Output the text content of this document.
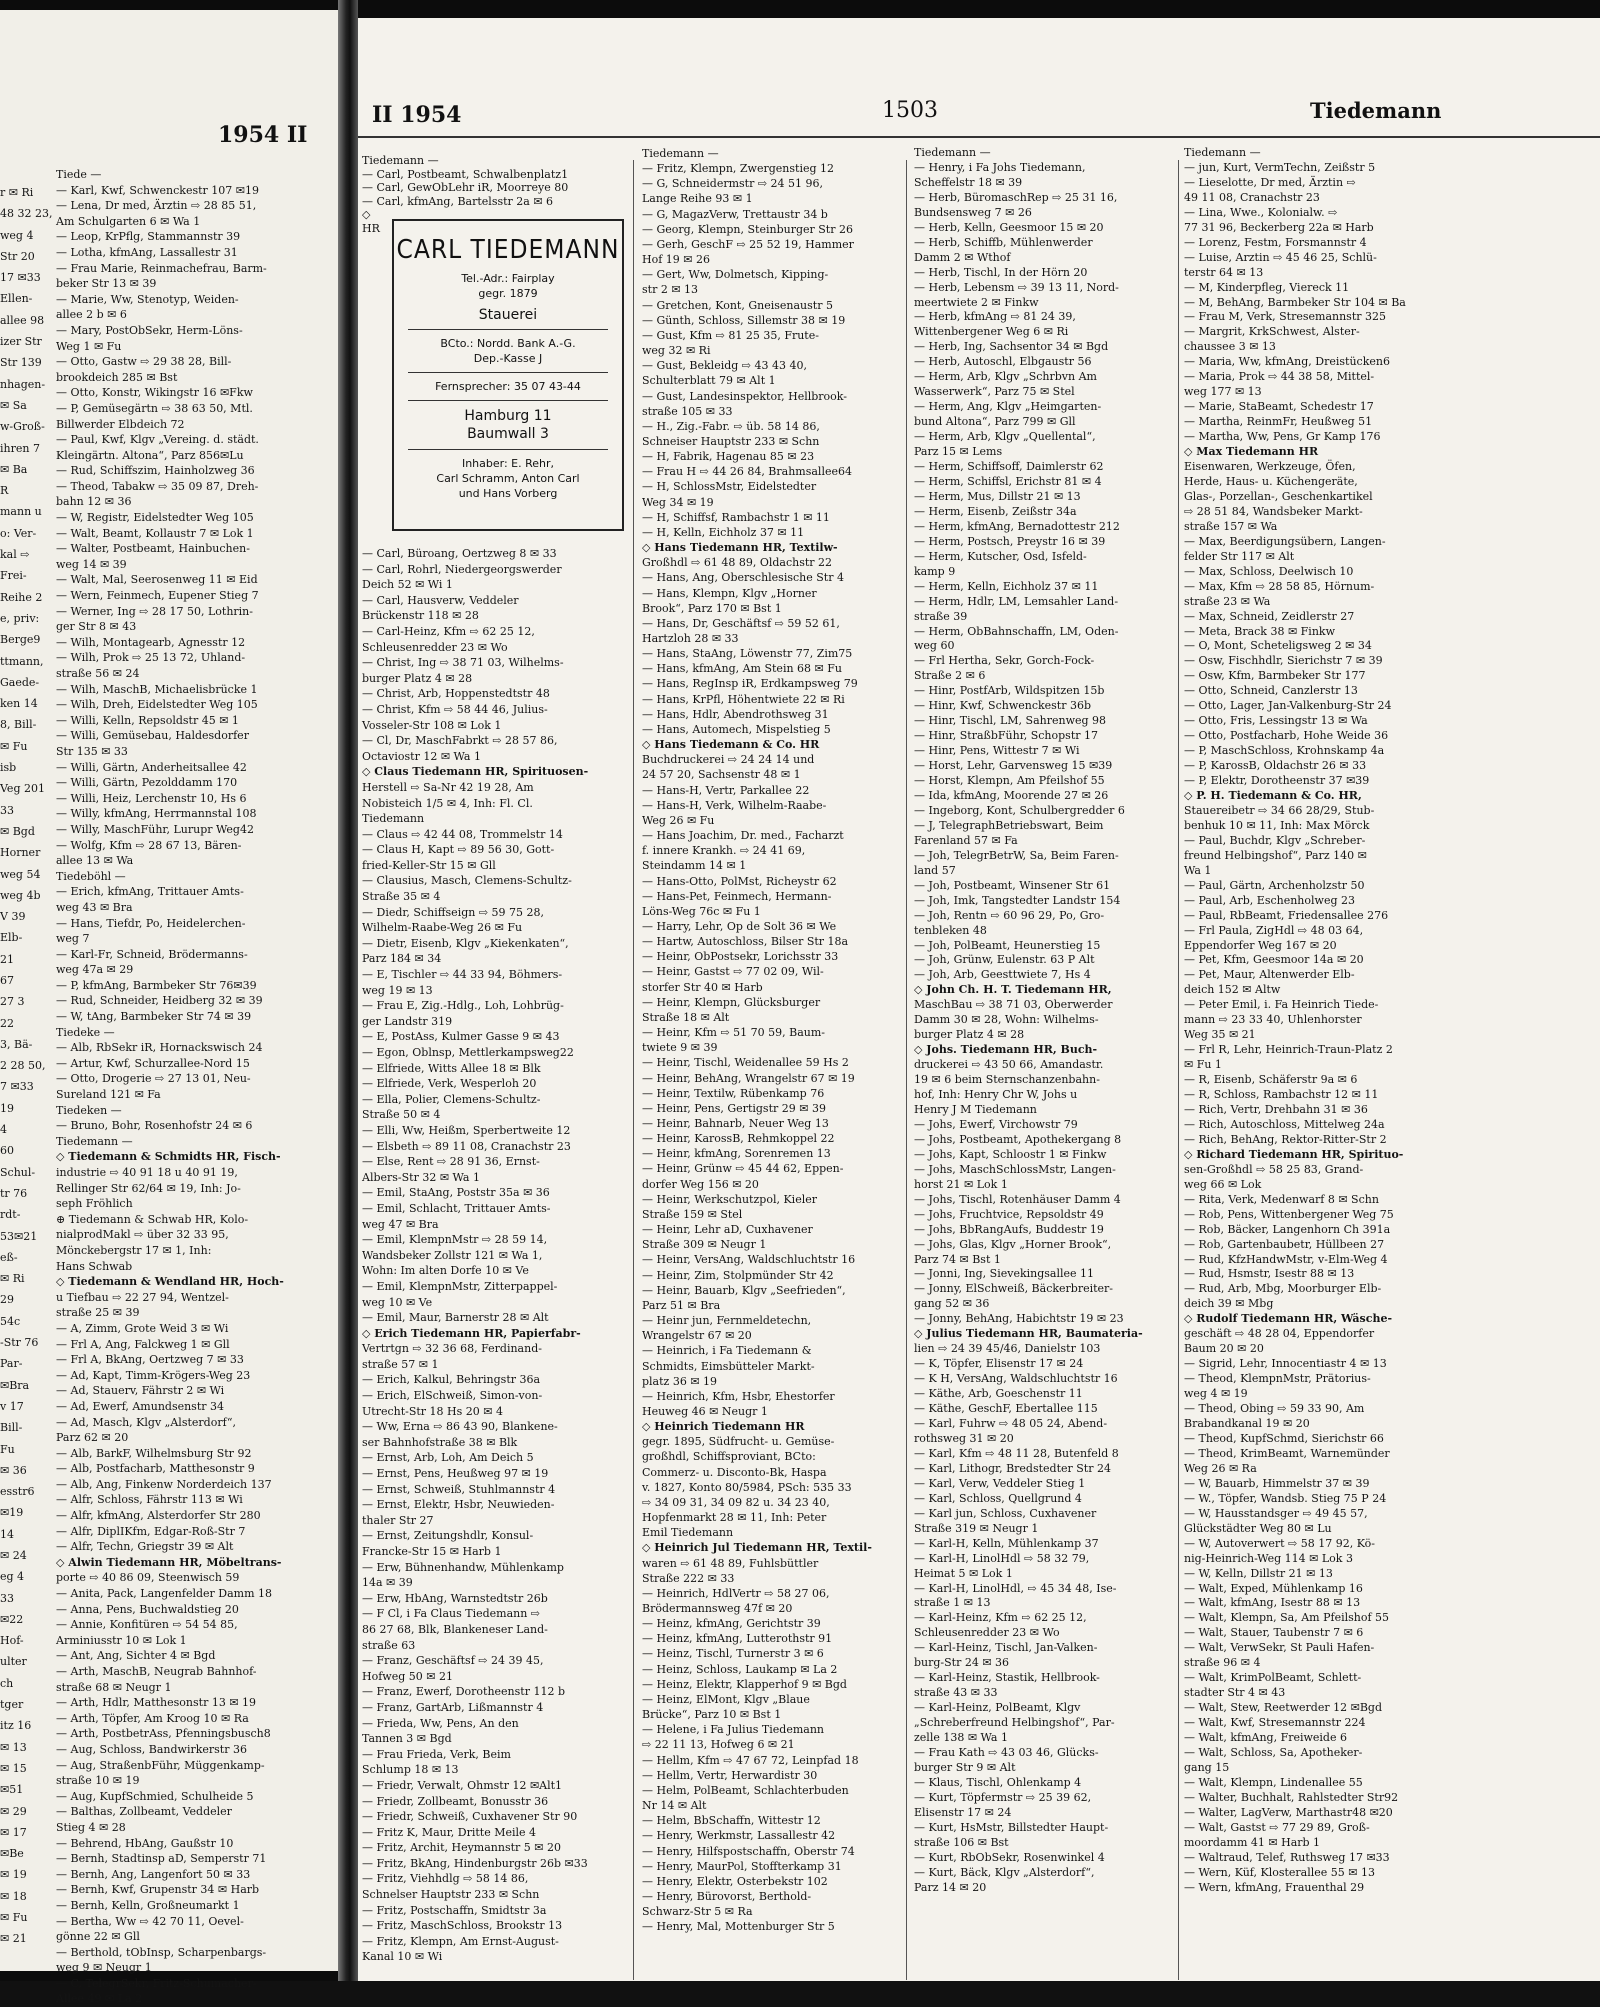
1954 II
r ✉ Ri
48 32 23,
weg 4
Str 20
17 ✉33
Ellen-
allee 98
izer Str
Str 139
nhagen-
✉ Sa
w-Groß-
ihren 7
✉ Ba
R
mann u
o: Ver-
kal ⇨
Frei-
Reihe 2
e, priv:
Berge9
ttmann,
Gaede-
ken 14
8, Bill-
✉ Fu
isb
Veg 201
33
✉ Bgd
Horner
weg 54
weg 4b
V 39
Elb-
21
67
27 3
22
3, Bä-
2 28 50,
7 ✉33
19
4
60
Schul-
tr 76
rdt-
53✉21
eß-
✉ Ri
29
54c
-Str 76
Par-
✉Bra
v 17
Bill-
Fu
✉ 36
esstr6
✉19
14
✉ 24
eg 4
33
✉22
Hof-
ulter
ch
tger
itz 16
✉ 13
✉ 15
✉51
✉ 29
✉ 17
✉Be
✉ 19
✉ 18
✉ Fu
✉ 21
Tiede —
— Karl, Kwf, Schwenckestr 107 ✉19
— Lena, Dr med, Ärztin ⇨ 28 85 51,
Am Schulgarten 6 ✉ Wa 1
— Leop, KrPflg, Stammannstr 39
— Lotha, kfmAng, Lassallestr 31
— Frau Marie, Reinmachefrau, Barm-
beker Str 13 ✉ 39
— Marie, Ww, Stenotyp, Weiden-
allee 2 b ✉ 6
— Mary, PostObSekr, Herm-Löns-
Weg 1 ✉ Fu
— Otto, Gastw ⇨ 29 38 28, Bill-
brookdeich 285 ✉ Bst
— Otto, Konstr, Wikingstr 16 ✉Fkw
— P, Gemüsegärtn ⇨ 38 63 50, Mtl.
Billwerder Elbdeich 72
— Paul, Kwf, Klgv „Vereing. d. städt.
Kleingärtn. Altona“, Parz 856✉Lu
— Rud, Schiffszim, Hainholzweg 36
— Theod, Tabakw ⇨ 35 09 87, Dreh-
bahn 12 ✉ 36
— W, Registr, Eidelstedter Weg 105
— Walt, Beamt, Kollaustr 7 ✉ Lok 1
— Walter, Postbeamt, Hainbuchen-
weg 14 ✉ 39
— Walt, Mal, Seerosenweg 11 ✉ Eid
— Wern, Feinmech, Eupener Stieg 7
— Werner, Ing ⇨ 28 17 50, Lothrin-
ger Str 8 ✉ 43
— Wilh, Montagearb, Agnesstr 12
— Wilh, Prok ⇨ 25 13 72, Uhland-
straße 56 ✉ 24
— Wilh, MaschB, Michaelisbrücke 1
— Wilh, Dreh, Eidelstedter Weg 105
— Willi, Kelln, Repsoldstr 45 ✉ 1
— Willi, Gemüsebau, Haldesdorfer
Str 135 ✉ 33
— Willi, Gärtn, Anderheitsallee 42
— Willi, Gärtn, Pezolddamm 170
— Willi, Heiz, Lerchenstr 10, Hs 6
— Willy, kfmAng, Herrmannstal 108
— Willy, MaschFühr, Lurupr Weg42
— Wolfg, Kfm ⇨ 28 67 13, Bären-
allee 13 ✉ Wa
Tiedeböhl —
— Erich, kfmAng, Trittauer Amts-
weg 43 ✉ Bra
— Hans, Tiefdr, Po, Heidelerchen-
weg 7
— Karl-Fr, Schneid, Brödermanns-
weg 47a ✉ 29
— P, kfmAng, Barmbeker Str 76✉39
— Rud, Schneider, Heidberg 32 ✉ 39
— W, tAng, Barmbeker Str 74 ✉ 39
Tiedeke —
— Alb, RbSekr iR, Hornackswisch 24
— Artur, Kwf, Schurzallee-Nord 15
— Otto, Drogerie ⇨ 27 13 01, Neu-
Sureland 121 ✉ Fa
Tiedeken —
— Bruno, Bohr, Rosenhofstr 24 ✉ 6
Tiedemann —
◇ Tiedemann & Schmidts HR, Fisch-
industrie ⇨ 40 91 18 u 40 91 19,
Rellinger Str 62/64 ✉ 19, Inh: Jo-
seph Fröhlich
⊕ Tiedemann & Schwab HR, Kolo-
nialprodMakl ⇨ über 32 33 95,
Mönckebergstr 17 ✉ 1, Inh:
Hans Schwab
◇ Tiedemann & Wendland HR, Hoch-
u Tiefbau ⇨ 22 27 94, Wentzel-
straße 25 ✉ 39
— A, Zimm, Grote Weid 3 ✉ Wi
— Frl A, Ang, Falckweg 1 ✉ Gll
— Frl A, BkAng, Oertzweg 7 ✉ 33
— Ad, Kapt, Timm-Krögers-Weg 23
— Ad, Stauerv, Fährstr 2 ✉ Wi
— Ad, Ewerf, Amundsenstr 34
— Ad, Masch, Klgv „Alsterdorf“,
Parz 62 ✉ 20
— Alb, BarkF, Wilhelmsburg Str 92
— Alb, Postfacharb, Matthesonstr 9
— Alb, Ang, Finkenw Norderdeich 137
— Alfr, Schloss, Fährstr 113 ✉ Wi
— Alfr, kfmAng, Alsterdorfer Str 280
— Alfr, DiplIKfm, Edgar-Roß-Str 7
— Alfr, Techn, Griegstr 39 ✉ Alt
◇ Alwin Tiedemann HR, Möbeltrans-
porte ⇨ 40 86 09, Steenwisch 59
— Anita, Pack, Langenfelder Damm 18
— Anna, Pens, Buchwaldstieg 20
— Annie, Konfitüren ⇨ 54 54 85,
Arminiusstr 10 ✉ Lok 1
— Ant, Ang, Sichter 4 ✉ Bgd
— Arth, MaschB, Neugrab Bahnhof-
straße 68 ✉ Neugr 1
— Arth, Hdlr, Matthesonstr 13 ✉ 19
— Arth, Töpfer, Am Kroog 10 ✉ Ra
— Arth, PostbetrAss, Pfenningsbusch8
— Aug, Schloss, Bandwirkerstr 36
— Aug, StraßenbFühr, Müggenkamp-
straße 10 ✉ 19
— Aug, KupfSchmied, Schulheide 5
— Balthas, Zollbeamt, Veddeler
Stieg 4 ✉ 28
— Behrend, HbAng, Gaußstr 10
— Bernh, Stadtinsp aD, Semperstr 71
— Bernh, Ang, Langenfort 50 ✉ 33
— Bernh, Kwf, Grupenstr 34 ✉ Harb
— Bernh, Kelln, Großneumarkt 1
— Bertha, Ww ⇨ 42 70 11, Oevel-
gönne 22 ✉ Gll
— Berthold, tObInsp, Scharpenbargs-
weg 9 ✉ Neugr 1
— C, TelegrSekr, Fritz-Schumacher-
Allee 49 ✉ La 2
II 1954	1503	Tiedemann
Tiedemann —
— Carl, Postbeamt, Schwalbenplatz1
— Carl, GewObLehr iR, Moorreye 80
— Carl, kfmAng, Bartelsstr 2a ✉ 6
◇
HR
CARL TIEDEMANN
Tel.-Adr.: Fairplay
gegr. 1879
Stauerei
BCto.: Nordd. Bank A.-G.
Dep.-Kasse J
Fernsprecher: 35 07 43-44
Hamburg 11
Baumwall 3
Inhaber: E. Rehr,
Carl Schramm, Anton Carl
und Hans Vorberg
— Carl, Büroang, Oertzweg 8 ✉ 33
— Carl, Rohrl, Niedergeorgswerder
Deich 52 ✉ Wi 1
— Carl, Hausverw, Veddeler
Brückenstr 118 ✉ 28
— Carl-Heinz, Kfm ⇨ 62 25 12,
Schleusenredder 23 ✉ Wo
— Christ, Ing ⇨ 38 71 03, Wilhelms-
burger Platz 4 ✉ 28
— Christ, Arb, Hoppenstedtstr 48
— Christ, Kfm ⇨ 58 44 46, Julius-
Vosseler-Str 108 ✉ Lok 1
— Cl, Dr, MaschFabrkt ⇨ 28 57 86,
Octaviostr 12 ✉ Wa 1
◇ Claus Tiedemann HR, Spirituosen-
Herstell ⇨ Sa-Nr 42 19 28, Am
Nobisteich 1/5 ✉ 4, Inh: Fl. Cl.
Tiedemann
— Claus ⇨ 42 44 08, Trommelstr 14
— Claus H, Kapt ⇨ 89 56 30, Gott-
fried-Keller-Str 15 ✉ Gll
— Clausius, Masch, Clemens-Schultz-
Straße 35 ✉ 4
— Diedr, Schiffseign ⇨ 59 75 28,
Wilhelm-Raabe-Weg 26 ✉ Fu
— Dietr, Eisenb, Klgv „Kiekenkaten“,
Parz 184 ✉ 34
— E, Tischler ⇨ 44 33 94, Böhmers-
weg 19 ✉ 13
— Frau E, Zig.-Hdlg., Loh, Lohbrüg-
ger Landstr 319
— E, PostAss, Kulmer Gasse 9 ✉ 43
— Egon, Oblnsp, Mettlerkampsweg22
— Elfriede, Witts Allee 18 ✉ Blk
— Elfriede, Verk, Wesperloh 20
— Ella, Polier, Clemens-Schultz-
Straße 50 ✉ 4
— Elli, Ww, Heißm, Sperbertweite 12
— Elsbeth ⇨ 89 11 08, Cranachstr 23
— Else, Rent ⇨ 28 91 36, Ernst-
Albers-Str 32 ✉ Wa 1
— Emil, StaAng, Poststr 35a ✉ 36
— Emil, Schlacht, Trittauer Amts-
weg 47 ✉ Bra
— Emil, KlempnMstr ⇨ 28 59 14,
Wandsbeker Zollstr 121 ✉ Wa 1,
Wohn: Im alten Dorfe 10 ✉ Ve
— Emil, KlempnMstr, Zitterpappel-
weg 10 ✉ Ve
— Emil, Maur, Barnerstr 28 ✉ Alt
◇ Erich Tiedemann HR, Papierfabr-
Vertrtgn ⇨ 32 36 68, Ferdinand-
straße 57 ✉ 1
— Erich, Kalkul, Behringstr 36a
— Erich, ElSchweiß, Simon-von-
Utrecht-Str 18 Hs 20 ✉ 4
— Ww, Erna ⇨ 86 43 90, Blankene-
ser Bahnhofstraße 38 ✉ Blk
— Ernst, Arb, Loh, Am Deich 5
— Ernst, Pens, Heußweg 97 ✉ 19
— Ernst, Schweiß, Stuhlmannstr 4
— Ernst, Elektr, Hsbr, Neuwieden-
thaler Str 27
— Ernst, Zeitungshdlr, Konsul-
Francke-Str 15 ✉ Harb 1
— Erw, Bühnenhandw, Mühlenkamp
14a ✉ 39
— Erw, HbAng, Warnstedtstr 26b
— F Cl, i Fa Claus Tiedemann ⇨
86 27 68, Blk, Blankeneser Land-
straße 63
— Franz, Geschäftsf ⇨ 24 39 45,
Hofweg 50 ✉ 21
— Franz, Ewerf, Dorotheenstr 112 b
— Franz, GartArb, Lißmannstr 4
— Frieda, Ww, Pens, An den
Tannen 3 ✉ Bgd
— Frau Frieda, Verk, Beim
Schlump 18 ✉ 13
— Friedr, Verwalt, Ohmstr 12 ✉Alt1
— Friedr, Zollbeamt, Bonusstr 36
— Friedr, Schweiß, Cuxhavener Str 90
— Fritz K, Maur, Dritte Meile 4
— Fritz, Archit, Heymannstr 5 ✉ 20
— Fritz, BkAng, Hindenburgstr 26b ✉33
— Fritz, Viehhdlg ⇨ 58 14 86,
Schnelser Hauptstr 233 ✉ Schn
— Fritz, Postschaffn, Smidtstr 3a
— Fritz, MaschSchloss, Brookstr 13
— Fritz, Klempn, Am Ernst-August-
Kanal 10 ✉ Wi
Tiedemann —
— Fritz, Klempn, Zwergenstieg 12
— G, Schneidermstr ⇨ 24 51 96,
Lange Reihe 93 ✉ 1
— G, MagazVerw, Trettaustr 34 b
— Georg, Klempn, Steinburger Str 26
— Gerh, GeschF ⇨ 25 52 19, Hammer
Hof 19 ✉ 26
— Gert, Ww, Dolmetsch, Kipping-
str 2 ✉ 13
— Gretchen, Kont, Gneisenaustr 5
— Günth, Schloss, Sillemstr 38 ✉ 19
— Gust, Kfm ⇨ 81 25 35, Frute-
weg 32 ✉ Ri
— Gust, Bekleidg ⇨ 43 43 40,
Schulterblatt 79 ✉ Alt 1
— Gust, Landesinspektor, Hellbrook-
straße 105 ✉ 33
— H., Zig.-Fabr. ⇨ üb. 58 14 86,
Schneiser Hauptstr 233 ✉ Schn
— H, Fabrik, Hagenau 85 ✉ 23
— Frau H ⇨ 44 26 84, Brahmsallee64
— H, SchlossMstr, Eidelstedter
Weg 34 ✉ 19
— H, Schiffsf, Rambachstr 1 ✉ 11
— H, Kelln, Eichholz 37 ✉ 11
◇ Hans Tiedemann HR, Textilw-
Großhdl ⇨ 61 48 89, Oldachstr 22
— Hans, Ang, Oberschlesische Str 4
— Hans, Klempn, Klgv „Horner
Brook“, Parz 170 ✉ Bst 1
— Hans, Dr, Geschäftsf ⇨ 59 52 61,
Hartzloh 28 ✉ 33
— Hans, StaAng, Löwenstr 77, Zim75
— Hans, kfmAng, Am Stein 68 ✉ Fu
— Hans, RegInsp iR, Erdkampsweg 79
— Hans, KrPfl, Höhentwiete 22 ✉ Ri
— Hans, Hdlr, Abendrothsweg 31
— Hans, Automech, Mispelstieg 5
◇ Hans Tiedemann & Co. HR
Buchdruckerei ⇨ 24 24 14 und
24 57 20, Sachsenstr 48 ✉ 1
— Hans-H, Vertr, Parkallee 22
— Hans-H, Verk, Wilhelm-Raabe-
Weg 26 ✉ Fu
— Hans Joachim, Dr. med., Facharzt
f. innere Krankh. ⇨ 24 41 69,
Steindamm 14 ✉ 1
— Hans-Otto, PolMst, Richeystr 62
— Hans-Pet, Feinmech, Hermann-
Löns-Weg 76c ✉ Fu 1
— Harry, Lehr, Op de Solt 36 ✉ We
— Hartw, Autoschloss, Bilser Str 18a
— Heinr, ObPostsekr, Lorichsstr 33
— Heinr, Gastst ⇨ 77 02 09, Wil-
storfer Str 40 ✉ Harb
— Heinr, Klempn, Glücksburger
Straße 18 ✉ Alt
— Heinr, Kfm ⇨ 51 70 59, Baum-
twiete 9 ✉ 39
— Heinr, Tischl, Weidenallee 59 Hs 2
— Heinr, BehAng, Wrangelstr 67 ✉ 19
— Heinr, Textilw, Rübenkamp 76
— Heinr, Pens, Gertigstr 29 ✉ 39
— Heinr, Bahnarb, Neuer Weg 13
— Heinr, KarossB, Rehmkoppel 22
— Heinr, kfmAng, Sorenremen 13
— Heinr, Grünw ⇨ 45 44 62, Eppen-
dorfer Weg 156 ✉ 20
— Heinr, Werkschutzpol, Kieler
Straße 159 ✉ Stel
— Heinr, Lehr aD, Cuxhavener
Straße 309 ✉ Neugr 1
— Heinr, VersAng, Waldschluchtstr 16
— Heinr, Zim, Stolpmünder Str 42
— Heinr, Bauarb, Klgv „Seefrieden“,
Parz 51 ✉ Bra
— Heinr jun, Fernmeldetechn,
Wrangelstr 67 ✉ 20
— Heinrich, i Fa Tiedemann &
Schmidts, Eimsbütteler Markt-
platz 36 ✉ 19
— Heinrich, Kfm, Hsbr, Ehestorfer
Heuweg 46 ✉ Neugr 1
◇ Heinrich Tiedemann HR
gegr. 1895, Südfrucht- u. Gemüse-
großhdl, Schiffsproviant, BCto:
Commerz- u. Disconto-Bk, Haspa
v. 1827, Konto 80/5984, PSch: 535 33
⇨ 34 09 31, 34 09 82 u. 34 23 40,
Hopfenmarkt 28 ✉ 11, Inh: Peter
Emil Tiedemann
◇ Heinrich Jul Tiedemann HR, Textil-
waren ⇨ 61 48 89, Fuhlsbüttler
Straße 222 ✉ 33
— Heinrich, HdlVertr ⇨ 58 27 06,
Brödermannsweg 47f ✉ 20
— Heinz, kfmAng, Gerichtstr 39
— Heinz, kfmAng, Lutterothstr 91
— Heinz, Tischl, Turnerstr 3 ✉ 6
— Heinz, Schloss, Laukamp ✉ La 2
— Heinz, Elektr, Klapperhof 9 ✉ Bgd
— Heinz, ElMont, Klgv „Blaue
Brücke“, Parz 10 ✉ Bst 1
— Helene, i Fa Julius Tiedemann
⇨ 22 11 13, Hofweg 6 ✉ 21
— Hellm, Kfm ⇨ 47 67 72, Leinpfad 18
— Hellm, Vertr, Herwardistr 30
— Helm, PolBeamt, Schlachterbuden
Nr 14 ✉ Alt
— Helm, BbSchaffn, Wittestr 12
— Henry, Werkmstr, Lassallestr 42
— Henry, Hilfspostschaffn, Oberstr 74
— Henry, MaurPol, Stoffterkamp 31
— Henry, Elektr, Osterbekstr 102
— Henry, Bürovorst, Berthold-
Schwarz-Str 5 ✉ Ra
— Henry, Mal, Mottenburger Str 5
Tiedemann —
— Henry, i Fa Johs Tiedemann,
Scheffelstr 18 ✉ 39
— Herb, BüromaschRep ⇨ 25 31 16,
Bundsensweg 7 ✉ 26
— Herb, Kelln, Geesmoor 15 ✉ 20
— Herb, Schiffb, Mühlenwerder
Damm 2 ✉ Wthof
— Herb, Tischl, In der Hörn 20
— Herb, Lebensm ⇨ 39 13 11, Nord-
meertwiete 2 ✉ Finkw
— Herb, kfmAng ⇨ 81 24 39,
Wittenbergener Weg 6 ✉ Ri
— Herb, Ing, Sachsentor 34 ✉ Bgd
— Herb, Autoschl, Elbgaustr 56
— Herm, Arb, Klgv „Schrbvn Am
Wasserwerk“, Parz 75 ✉ Stel
— Herm, Ang, Klgv „Heimgarten-
bund Altona“, Parz 799 ✉ Gll
— Herm, Arb, Klgv „Quellental“,
Parz 15 ✉ Lems
— Herm, Schiffsoff, Daimlerstr 62
— Herm, Schiffsl, Erichstr 81 ✉ 4
— Herm, Mus, Dillstr 21 ✉ 13
— Herm, Eisenb, Zeißstr 34a
— Herm, kfmAng, Bernadottestr 212
— Herm, Postsch, Preystr 16 ✉ 39
— Herm, Kutscher, Osd, Isfeld-
kamp 9
— Herm, Kelln, Eichholz 37 ✉ 11
— Herm, Hdlr, LM, Lemsahler Land-
straße 39
— Herm, ObBahnschaffn, LM, Oden-
weg 60
— Frl Hertha, Sekr, Gorch-Fock-
Straße 2 ✉ 6
— Hinr, PostfArb, Wildspitzen 15b
— Hinr, Kwf, Schwenckestr 36b
— Hinr, Tischl, LM, Sahrenweg 98
— Hinr, StraßbFühr, Schopstr 17
— Hinr, Pens, Wittestr 7 ✉ Wi
— Horst, Lehr, Garvensweg 15 ✉39
— Horst, Klempn, Am Pfeilshof 55
— Ida, kfmAng, Moorende 27 ✉ 26
— Ingeborg, Kont, Schulbergredder 6
— J, TelegraphBetriebswart, Beim
Farenland 57 ✉ Fa
— Joh, TelegrBetrW, Sa, Beim Faren-
land 57
— Joh, Postbeamt, Winsener Str 61
— Joh, Imk, Tangstedter Landstr 154
— Joh, Rentn ⇨ 60 96 29, Po, Gro-
tenbleken 48
— Joh, PolBeamt, Heunerstieg 15
— Joh, Grünw, Eulenstr. 63 P Alt
— Joh, Arb, Geesttwiete 7, Hs 4
◇ John Ch. H. T. Tiedemann HR,
MaschBau ⇨ 38 71 03, Oberwerder
Damm 30 ✉ 28, Wohn: Wilhelms-
burger Platz 4 ✉ 28
◇ Johs. Tiedemann HR, Buch-
druckerei ⇨ 43 50 66, Amandastr.
19 ✉ 6 beim Sternschanzenbahn-
hof, Inh: Henry Chr W, Johs u
Henry J M Tiedemann
— Johs, Ewerf, Virchowstr 79
— Johs, Postbeamt, Apothekergang 8
— Johs, Kapt, Schloostr 1 ✉ Finkw
— Johs, MaschSchlossMstr, Langen-
horst 21 ✉ Lok 1
— Johs, Tischl, Rotenhäuser Damm 4
— Johs, Fruchtvice, Repsoldstr 49
— Johs, BbRangAufs, Buddestr 19
— Johs, Glas, Klgv „Horner Brook“,
Parz 74 ✉ Bst 1
— Jonni, Ing, Sievekingsallee 11
— Jonny, ElSchweiß, Bäckerbreiter-
gang 52 ✉ 36
— Jonny, BehAng, Habichtstr 19 ✉ 23
◇ Julius Tiedemann HR, Baumateria-
lien ⇨ 24 39 45/46, Danielstr 103
— K, Töpfer, Elisenstr 17 ✉ 24
— K H, VersAng, Waldschluchtstr 16
— Käthe, Arb, Goeschenstr 11
— Käthe, GeschF, Ebertallee 115
— Karl, Fuhrw ⇨ 48 05 24, Abend-
rothsweg 31 ✉ 20
— Karl, Kfm ⇨ 48 11 28, Butenfeld 8
— Karl, Lithogr, Bredstedter Str 24
— Karl, Verw, Veddeler Stieg 1
— Karl, Schloss, Quellgrund 4
— Karl jun, Schloss, Cuxhavener
Straße 319 ✉ Neugr 1
— Karl-H, Kelln, Mühlenkamp 37
— Karl-H, LinolHdl ⇨ 58 32 79,
Heimat 5 ✉ Lok 1
— Karl-H, LinolHdl, ⇨ 45 34 48, Ise-
straße 1 ✉ 13
— Karl-Heinz, Kfm ⇨ 62 25 12,
Schleusenredder 23 ✉ Wo
— Karl-Heinz, Tischl, Jan-Valken-
burg-Str 24 ✉ 36
— Karl-Heinz, Stastik, Hellbrook-
straße 43 ✉ 33
— Karl-Heinz, PolBeamt, Klgv
„Schreberfreund Helbingshof“, Par-
zelle 138 ✉ Wa 1
— Frau Kath ⇨ 43 03 46, Glücks-
burger Str 9 ✉ Alt
— Klaus, Tischl, Ohlenkamp 4
— Kurt, Töpfermstr ⇨ 25 39 62,
Elisenstr 17 ✉ 24
— Kurt, HsMstr, Billstedter Haupt-
straße 106 ✉ Bst
— Kurt, RbObSekr, Rosenwinkel 4
— Kurt, Bäck, Klgv „Alsterdorf“,
Parz 14 ✉ 20
Tiedemann —
— jun, Kurt, VermTechn, Zeißstr 5
— Lieselotte, Dr med, Ärztin ⇨
49 11 08, Cranachstr 23
— Lina, Wwe., Kolonialw. ⇨
77 31 96, Beckerberg 22a ✉ Harb
— Lorenz, Festm, Forsmannstr 4
— Luise, Arztin ⇨ 45 46 25, Schlü-
terstr 64 ✉ 13
— M, Kinderpfleg, Viereck 11
— M, BehAng, Barmbeker Str 104 ✉ Ba
— Frau M, Verk, Stresemannstr 325
— Margrit, KrkSchwest, Alster-
chaussee 3 ✉ 13
— Maria, Ww, kfmAng, Dreistücken6
— Maria, Prok ⇨ 44 38 58, Mittel-
weg 177 ✉ 13
— Marie, StaBeamt, Schedestr 17
— Martha, ReinmFr, Heußweg 51
— Martha, Ww, Pens, Gr Kamp 176
◇ Max Tiedemann HR
Eisenwaren, Werkzeuge, Öfen,
Herde, Haus- u. Küchengeräte,
Glas-, Porzellan-, Geschenkartikel
⇨ 28 51 84, Wandsbeker Markt-
straße 157 ✉ Wa
— Max, Beerdigungsübern, Langen-
felder Str 117 ✉ Alt
— Max, Schloss, Deelwisch 10
— Max, Kfm ⇨ 28 58 85, Hörnum-
straße 23 ✉ Wa
— Max, Schneid, Zeidlerstr 27
— Meta, Brack 38 ✉ Finkw
— O, Mont, Scheteligsweg 2 ✉ 34
— Osw, Fischhdlr, Sierichstr 7 ✉ 39
— Osw, Kfm, Barmbeker Str 177
— Otto, Schneid, Canzlerstr 13
— Otto, Lager, Jan-Valkenburg-Str 24
— Otto, Fris, Lessingstr 13 ✉ Wa
— Otto, Postfacharb, Hohe Weide 36
— P, MaschSchloss, Krohnskamp 4a
— P, KarossB, Oldachstr 26 ✉ 33
— P, Elektr, Dorotheenstr 37 ✉39
◇ P. H. Tiedemann & Co. HR,
Stauereibetr ⇨ 34 66 28/29, Stub-
benhuk 10 ✉ 11, Inh: Max Mörck
— Paul, Buchdr, Klgv „Schreber-
freund Helbingshof“, Parz 140 ✉
Wa 1
— Paul, Gärtn, Archenholzstr 50
— Paul, Arb, Eschenholweg 23
— Paul, RbBeamt, Friedensallee 276
— Frl Paula, ZigHdl ⇨ 48 03 64,
Eppendorfer Weg 167 ✉ 20
— Pet, Kfm, Geesmoor 14a ✉ 20
— Pet, Maur, Altenwerder Elb-
deich 152 ✉ Altw
— Peter Emil, i. Fa Heinrich Tiede-
mann ⇨ 23 33 40, Uhlenhorster
Weg 35 ✉ 21
— Frl R, Lehr, Heinrich-Traun-Platz 2
✉ Fu 1
— R, Eisenb, Schäferstr 9a ✉ 6
— R, Schloss, Rambachstr 12 ✉ 11
— Rich, Vertr, Drehbahn 31 ✉ 36
— Rich, Autoschloss, Mittelweg 24a
— Rich, BehAng, Rektor-Ritter-Str 2
◇ Richard Tiedemann HR, Spirituo-
sen-Großhdl ⇨ 58 25 83, Grand-
weg 66 ✉ Lok
— Rita, Verk, Medenwarf 8 ✉ Schn
— Rob, Pens, Wittenbergener Weg 75
— Rob, Bäcker, Langenhorn Ch 391a
— Rob, Gartenbaubetr, Hüllbeen 27
— Rud, KfzHandwMstr, v-Elm-Weg 4
— Rud, Hsmstr, Isestr 88 ✉ 13
— Rud, Arb, Mbg, Moorburger Elb-
deich 39 ✉ Mbg
◇ Rudolf Tiedemann HR, Wäsche-
geschäft ⇨ 48 28 04, Eppendorfer
Baum 20 ✉ 20
— Sigrid, Lehr, Innocentiastr 4 ✉ 13
— Theod, KlempnMstr, Prätorius-
weg 4 ✉ 19
— Theod, Obing ⇨ 59 33 90, Am
Brabandkanal 19 ✉ 20
— Theod, KupfSchmd, Sierichstr 66
— Theod, KrimBeamt, Warnemünder
Weg 26 ✉ Ra
— W, Bauarb, Himmelstr 37 ✉ 39
— W., Töpfer, Wandsb. Stieg 75 P 24
— W, Hausstandsger ⇨ 49 45 57,
Glückstädter Weg 80 ✉ Lu
— W, Autoverwert ⇨ 58 17 92, Kö-
nig-Heinrich-Weg 114 ✉ Lok 3
— W, Kelln, Dillstr 21 ✉ 13
— Walt, Exped, Mühlenkamp 16
— Walt, kfmAng, Isestr 88 ✉ 13
— Walt, Klempn, Sa, Am Pfeilshof 55
— Walt, Stauer, Taubenstr 7 ✉ 6
— Walt, VerwSekr, St Pauli Hafen-
straße 96 ✉ 4
— Walt, KrimPolBeamt, Schlett-
stadter Str 4 ✉ 43
— Walt, Stew, Reetwerder 12 ✉Bgd
— Walt, Kwf, Stresemannstr 224
— Walt, kfmAng, Freiweide 6
— Walt, Schloss, Sa, Apotheker-
gang 15
— Walt, Klempn, Lindenallee 55
— Walter, Buchhalt, Rahlstedter Str92
— Walter, LagVerw, Marthastr48 ✉20
— Walt, Gastst ⇨ 77 29 89, Groß-
moordamm 41 ✉ Harb 1
— Waltraud, Telef, Ruthsweg 17 ✉33
— Wern, Küf, Klosterallee 55 ✉ 13
— Wern, kfmAng, Frauenthal 29
